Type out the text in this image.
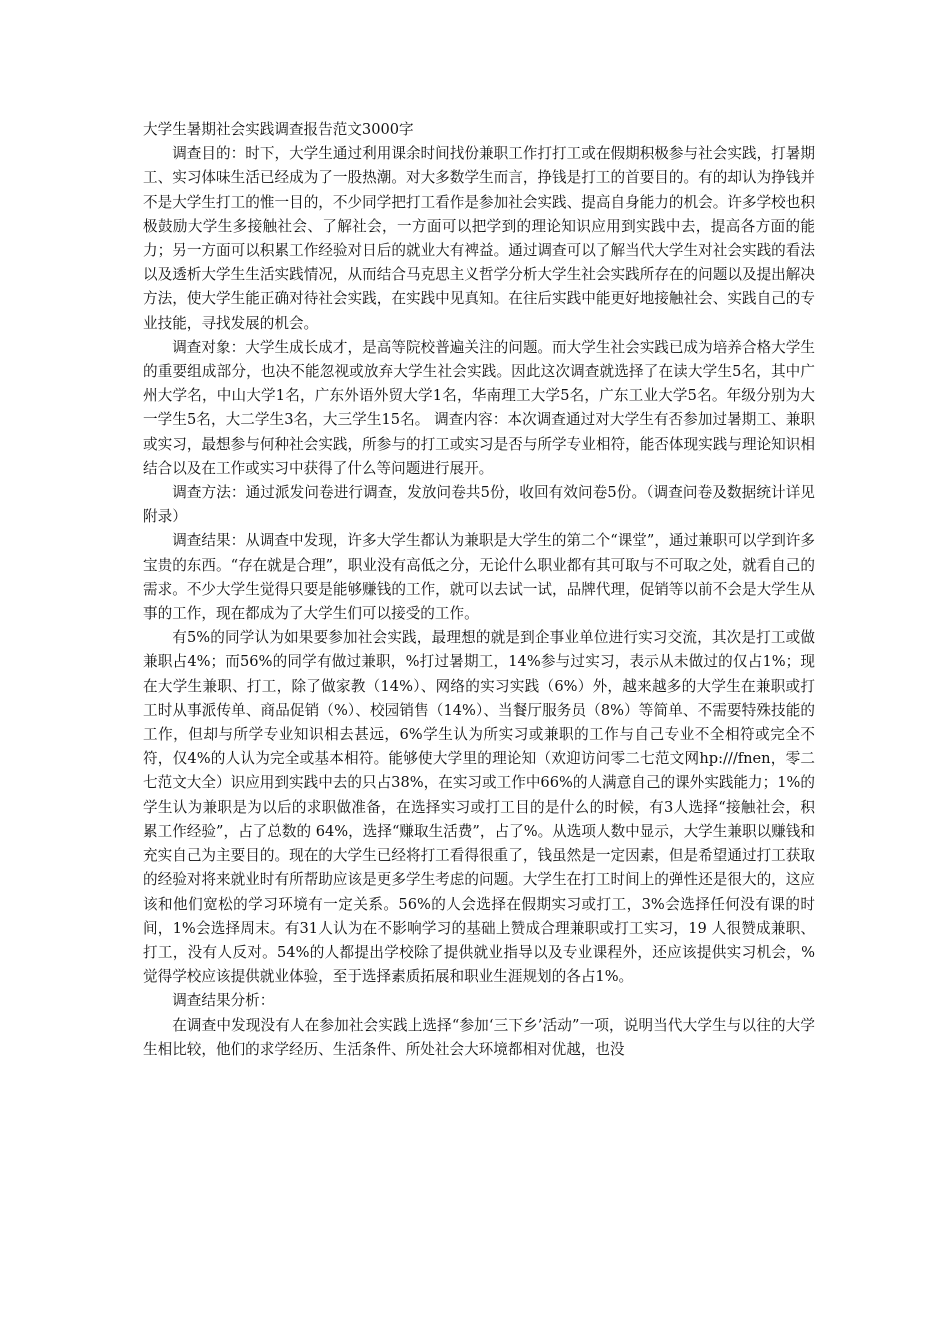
大学生暑期社会实践调查报告范文3000字

调查目的：时下，大学生通过利用课余时间找份兼职工作打打工或在假期积极参与社会实践，打暑期工、实习体味生活已经成为了一股热潮。对大多数学生而言，挣钱是打工的首要目的。有的却认为挣钱并不是大学生打工的惟一目的，不少同学把打工看作是参加社会实践、提高自身能力的机会。许多学校也积极鼓励大学生多接触社会、了解社会，一方面可以把学到的理论知识应用到实践中去，提高各方面的能力；另一方面可以积累工作经验对日后的就业大有裨益。通过调查可以了解当代大学生对社会实践的看法以及透析大学生生活实践情况，从而结合马克思主义哲学分析大学生社会实践所存在的问题以及提出解决方法，使大学生能正确对待社会实践，在实践中见真知。在往后实践中能更好地接触社会、实践自己的专业技能，寻找发展的机会。

调查对象：大学生成长成才，是高等院校普遍关注的问题。而大学生社会实践已成为培养合格大学生的重要组成部分，也决不能忽视或放弃大学生社会实践。因此这次调查就选择了在读大学生5名，其中广州大学名，中山大学1名，广东外语外贸大学1名，华南理工大学5名，广东工业大学5名。年级分别为大一学生5名，大二学生3名，大三学生15名。 调查内容：本次调查通过对大学生有否参加过暑期工、兼职或实习，最想参与何种社会实践，所参与的打工或实习是否与所学专业相符，能否体现实践与理论知识相结合以及在工作或实习中获得了什么等问题进行展开。

调查方法：通过派发问卷进行调查，发放问卷共5份，收回有效问卷5份。（调查问卷及数据统计详见附录）

调查结果：从调查中发现，许多大学生都认为兼职是大学生的第二个“课堂”，通过兼职可以学到许多宝贵的东西。“存在就是合理”，职业没有高低之分，无论什么职业都有其可取与不可取之处，就看自己的需求。不少大学生觉得只要是能够赚钱的工作，就可以去试一试，品牌代理，促销等以前不会是大学生从事的工作，现在都成为了大学生们可以接受的工作。

有5%的同学认为如果要参加社会实践，最理想的就是到企事业单位进行实习交流，其次是打工或做兼职占4%；而56%的同学有做过兼职，%打过暑期工，14%参与过实习，表示从未做过的仅占1%；现在大学生兼职、打工，除了做家教（14%）、网络的实习实践（6%）外，越来越多的大学生在兼职或打工时从事派传单、商品促销（%）、校园销售（14%）、当餐厅服务员（8%）等简单、不需要特殊技能的工作，但却与所学专业知识相去甚远，6%学生认为所实习或兼职的工作与自己专业不全相符或完全不符，仅4%的人认为完全或基本相符。能够使大学里的理论知（欢迎访问零二七范文网hp:///fnen，零二七范文大全）识应用到实践中去的只占38%，在实习或工作中66%的人满意自己的课外实践能力；1%的学生认为兼职是为以后的求职做准备，在选择实习或打工目的是什么的时候，有3人选择“接触社会，积累工作经验”，占了总数的 64%，选择“赚取生活费”，占了%。从选项人数中显示，大学生兼职以赚钱和充实自己为主要目的。现在的大学生已经将打工看得很重了，钱虽然是一定因素，但是希望通过打工获取的经验对将来就业时有所帮助应该是更多学生考虑的问题。大学生在打工时间上的弹性还是很大的，这应该和他们宽松的学习环境有一定关系。56%的人会选择在假期实习或打工，3%会选择任何没有课的时间，1%会选择周末。有31人认为在不影响学习的基础上赞成合理兼职或打工实习，19 人很赞成兼职、打工，没有人反对。54%的人都提出学校除了提供就业指导以及专业课程外，还应该提供实习机会，%觉得学校应该提供就业体验，至于选择素质拓展和职业生涯规划的各占1%。

调查结果分析：

在调查中发现没有人在参加社会实践上选择“参加‘三下乡’活动”一项，说明当代大学生与以往的大学生相比较，他们的求学经历、生活条件、所处社会大环境都相对优越，也没
